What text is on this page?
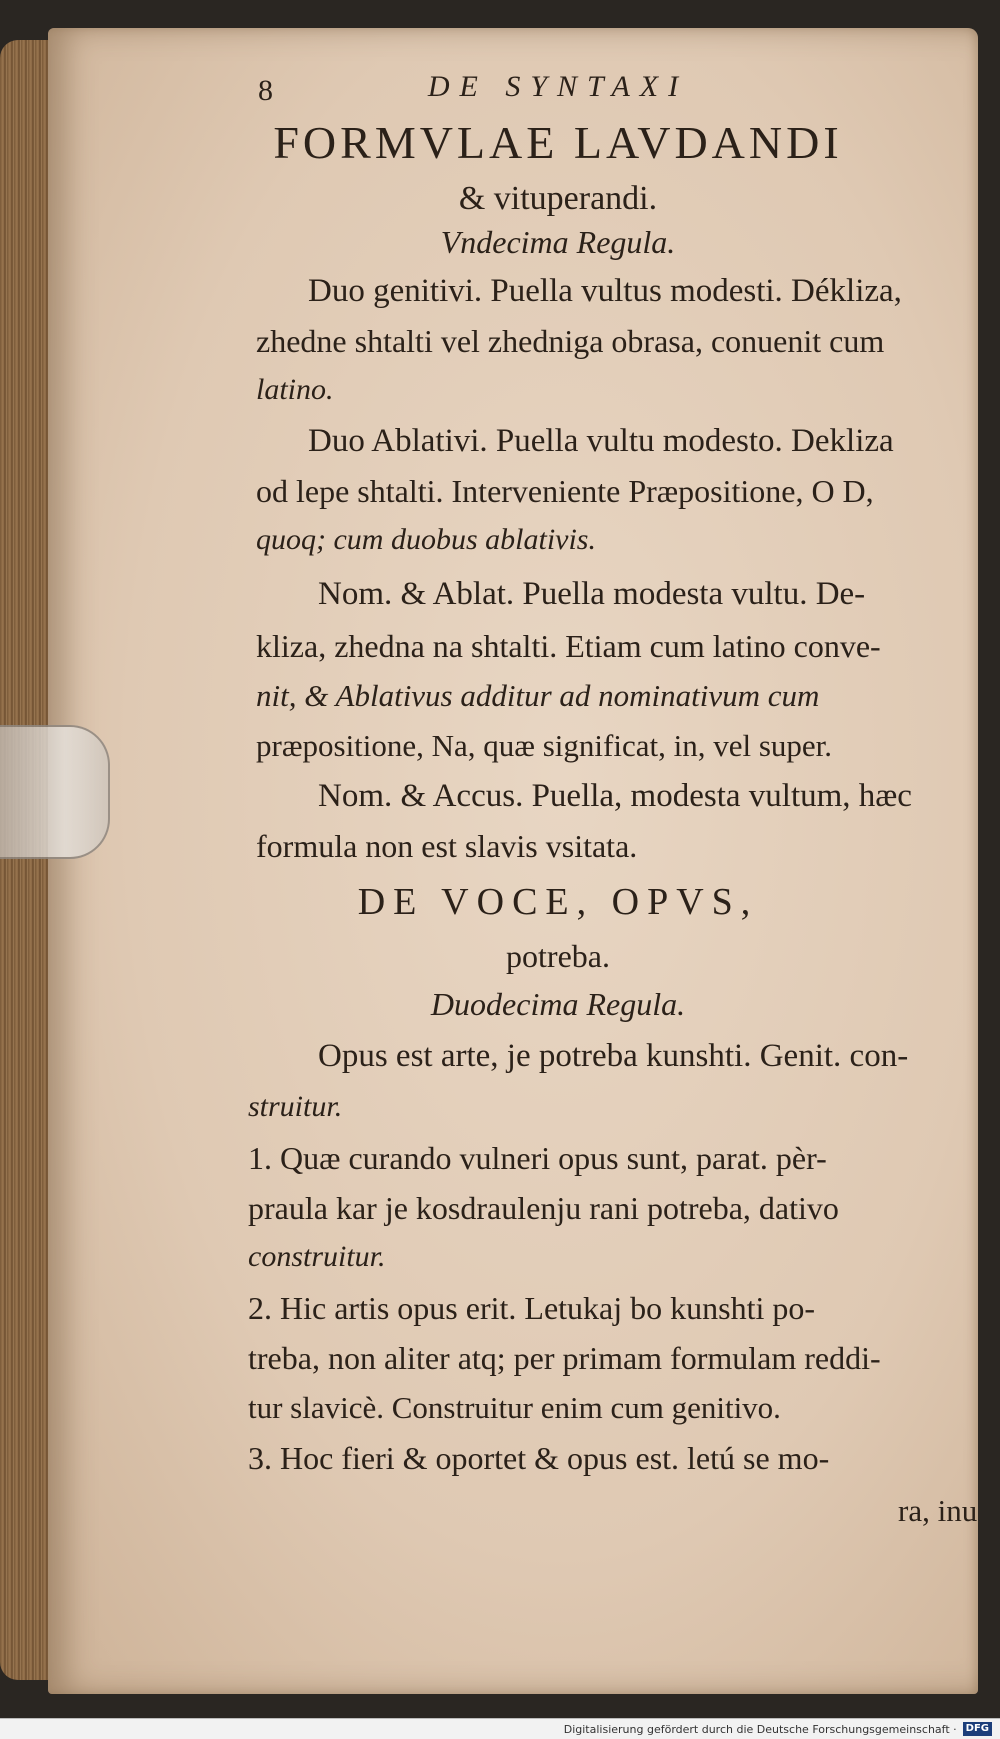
8	DE SYNTAXI
FORMVLAE LAVDANDI
& vituperandi.
Vndecima Regula.
Duo genitivi. Puella vultus modesti. Dékliza,
zhedne shtalti vel zhedniga obrasa, conuenit cum
latino.
Duo Ablativi. Puella vultu modesto. Dekliza
od lepe shtalti. Interveniente Præpositione, O D,
quoq; cum duobus ablativis.
Nom. & Ablat. Puella modesta vultu. De-
kliza, zhedna na shtalti. Etiam cum latino conve-
nit, & Ablativus additur ad nominativum cum
præpositione, Na, quæ significat, in, vel super.
Nom. & Accus. Puella, modesta vultum, hæc
formula non est slavis vsitata.
DE VOCE, OPVS,
potreba.
Duodecima Regula.
Opus est arte, je potreba kunshti. Genit. con-
struitur.
1. Quæ curando vulneri opus sunt, parat. pèr-
praula kar je kosdraulenju rani potreba, dativo
construitur.
2. Hic artis opus erit. Letukaj bo kunshti po-
treba, non aliter atq; per primam formulam reddi-
tur slavicè. Construitur enim cum genitivo.
3. Hoc fieri & oportet & opus est. letú se mo-
ra, inu
Digitalisierung gefördert durch die Deutsche Forschungsgemeinschaft · DFG
